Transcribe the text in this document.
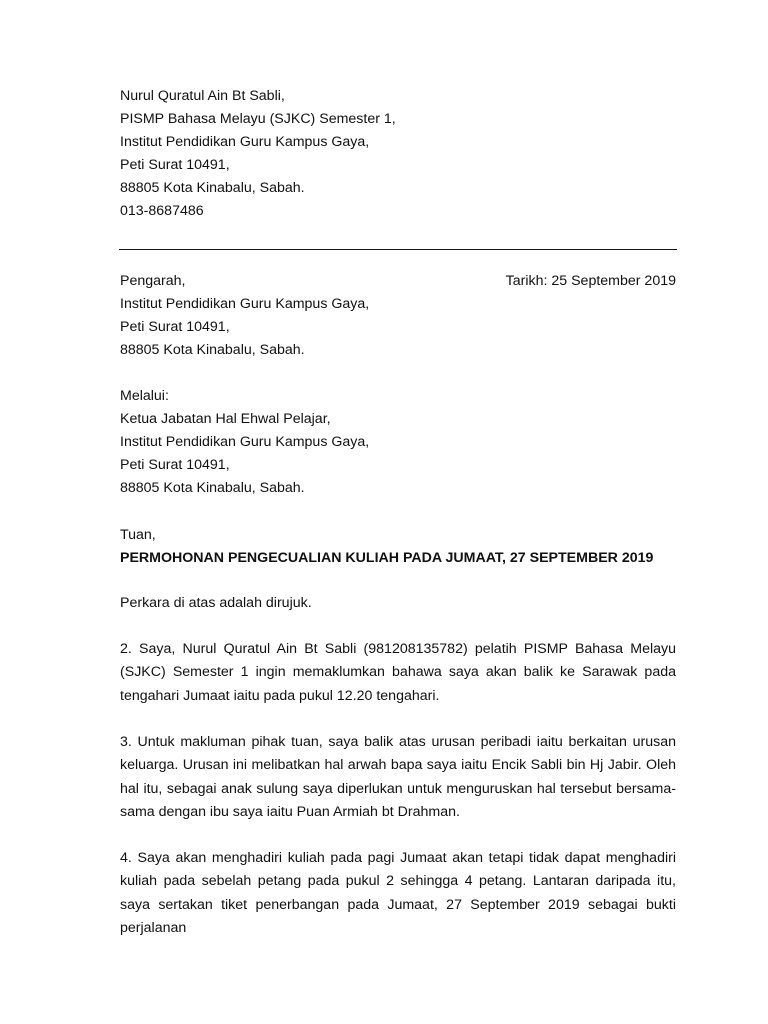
Nurul Quratul Ain Bt Sabli,
PISMP Bahasa Melayu (SJKC) Semester 1,
Institut Pendidikan Guru Kampus Gaya,
Peti Surat 10491,
88805 Kota Kinabalu, Sabah.
013-8687486
Pengarah,
Institut Pendidikan Guru Kampus Gaya,
Peti Surat 10491,
88805 Kota Kinabalu, Sabah.
Tarikh: 25 September 2019
Melalui:
Ketua Jabatan Hal Ehwal Pelajar,
Institut Pendidikan Guru Kampus Gaya,
Peti Surat 10491,
88805 Kota Kinabalu, Sabah.
Tuan,
PERMOHONAN PENGECUALIAN KULIAH PADA JUMAAT, 27 SEPTEMBER 2019
Perkara di atas adalah dirujuk.

2. Saya, Nurul Quratul Ain Bt Sabli (981208135782) pelatih PISMP Bahasa Melayu (SJKC) Semester 1 ingin memaklumkan bahawa saya akan balik ke Sarawak pada tengahari Jumaat iaitu pada pukul 12.20 tengahari.

3. Untuk makluman pihak tuan, saya balik atas urusan peribadi iaitu berkaitan urusan keluarga. Urusan ini melibatkan hal arwah bapa saya iaitu Encik Sabli bin Hj Jabir. Oleh hal itu, sebagai anak sulung saya diperlukan untuk menguruskan hal tersebut bersama-sama dengan ibu saya iaitu Puan Armiah bt Drahman.

4. Saya akan menghadiri kuliah pada pagi Jumaat akan tetapi tidak dapat menghadiri kuliah pada sebelah petang pada pukul 2 sehingga 4 petang. Lantaran daripada itu, saya sertakan tiket penerbangan pada Jumaat, 27 September 2019 sebagai bukti perjalanan
